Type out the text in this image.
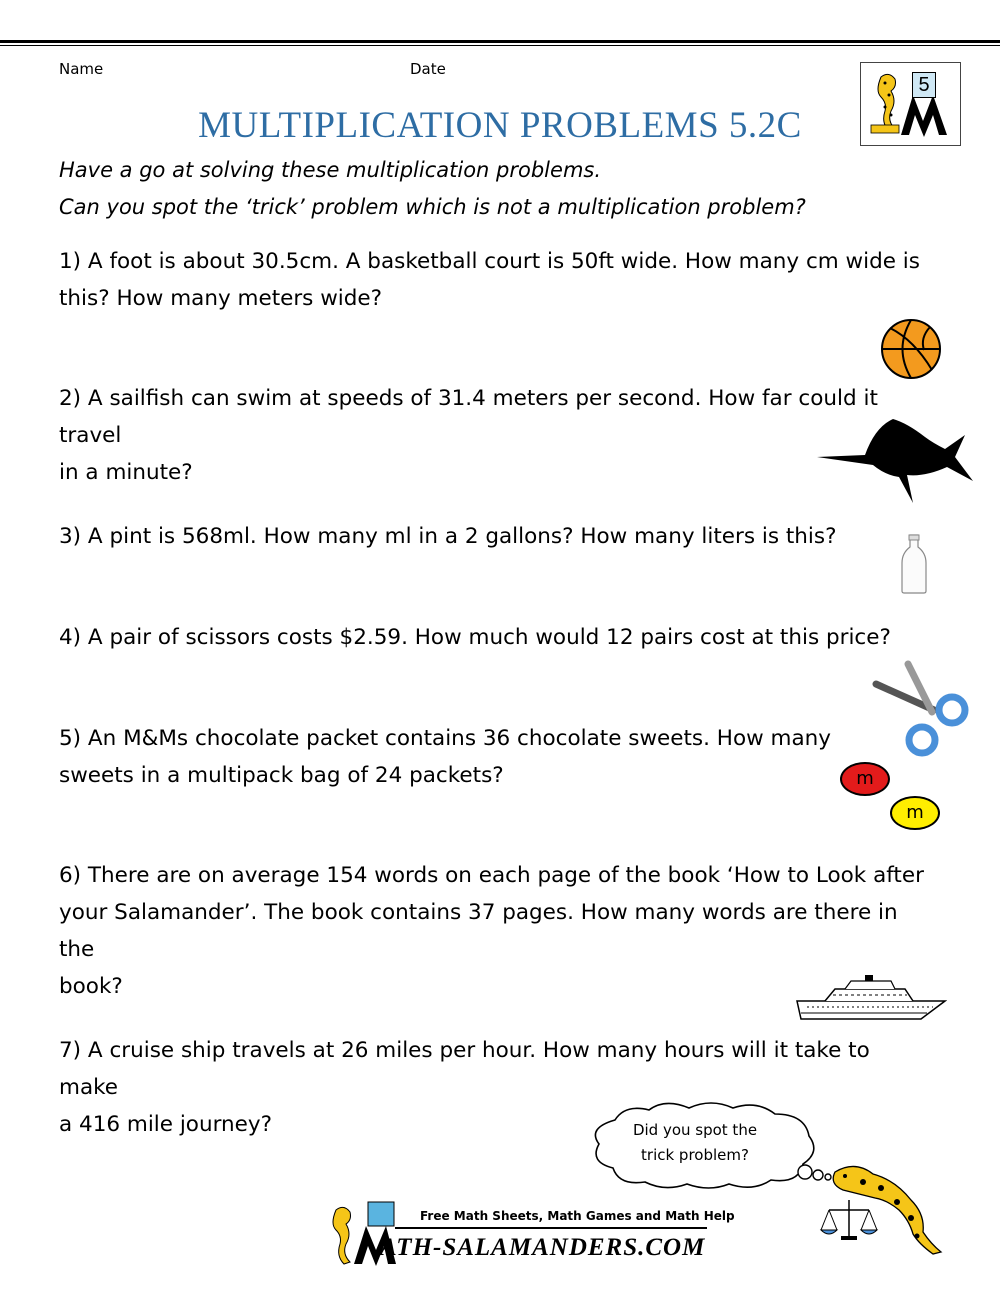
Name	Date
5
MULTIPLICATION PROBLEMS 5.2C
Have a go at solving these multiplication problems.
Can you spot the ‘trick’ problem which is not a multiplication problem?
1) A foot is about 30.5cm. A basketball court is 50ft wide. How many cm wide is
this? How many meters wide?
2) A sailfish can swim at speeds of 31.4 meters per second. How far could it travel
in a minute?
3) A pint is 568ml. How many ml in a 2 gallons? How many liters is this?
4) A pair of scissors costs $2.59. How much would 12 pairs cost at this price?
5) An M&Ms chocolate packet contains 36 chocolate sweets. How many
sweets in a multipack bag of 24 packets?
6) There are on average 154 words on each page of the book ‘How to Look after
your Salamander’. The book contains 37 pages. How many words are there in the
book?
7) A cruise ship travels at 26 miles per hour. How many hours will it take to make
a 416 mile journey?
m
m
Did you spot the
trick problem?
Free Math Sheets, Math Games and Math Help
ATH-SALAMANDERS.COM
